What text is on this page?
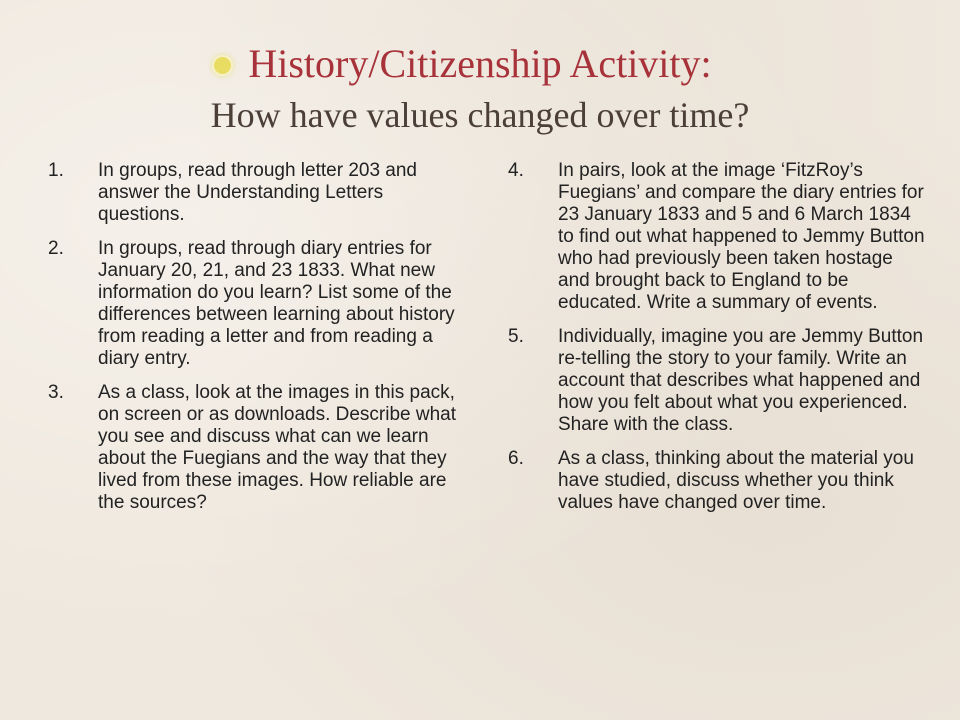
History/Citizenship Activity:
How have values changed over time?
1.	In groups, read through letter 203 and answer the Understanding Letters questions.
2.	In groups, read through diary entries for January 20, 21, and 23 1833. What new information do you learn? List some of the differences between learning about history from reading a letter and from reading a diary entry.
3.	As a class, look at the images in this pack, on screen or as downloads. Describe what you see and discuss what can we learn about the Fuegians and the way that they lived from these images. How reliable are the sources?
4.	In pairs, look at the image ‘FitzRoy’s Fuegians’ and compare the diary entries for 23 January 1833 and 5 and 6 March 1834 to find out what happened to Jemmy Button who had previously been taken hostage and brought back to England to be educated. Write a summary of events.
5.	Individually, imagine you are Jemmy Button re-telling the story to your family. Write an account that describes what happened and how you felt about what you experienced. Share with the class.
6.	As a class, thinking about the material you have studied, discuss whether you think values have changed over time.
